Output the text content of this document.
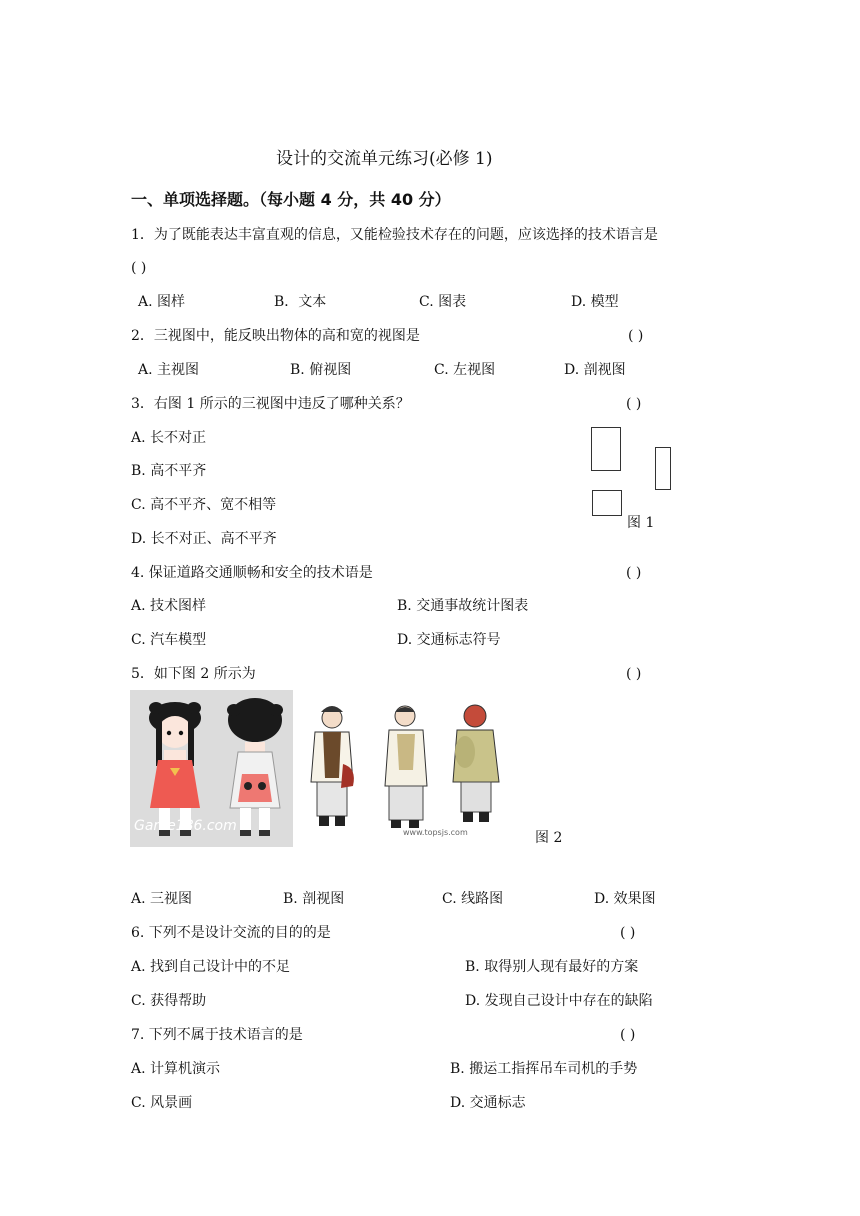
设计的交流单元练习(必修 1)
一、单项选择题。（每小题 4 分，共 40 分）
1．为了既能表达丰富直观的信息，又能检验技术存在的问题，应该选择的技术语言是
( )
A. 图样	B．文本	C. 图表	D. 模型
2．三视图中，能反映出物体的高和宽的视图是	( )
A. 主视图	B. 俯视图	C. 左视图	D. 剖视图
3．右图 1 所示的三视图中违反了哪种关系？	( )
A. 长不对正
B. 高不平齐
C. 高不平齐、宽不相等
D. 长不对正、高不平齐
图 1
4. 保证道路交通顺畅和安全的技术语是	( )
A. 技术图样	B. 交通事故统计图表
C. 汽车模型	D. 交通标志符号
5．如下图 2 所示为	( )
Game186.com	www.topsjs.com	图 2
A. 三视图	B. 剖视图	C. 线路图	D. 效果图
6. 下列不是设计交流的目的的是	( )
A. 找到自己设计中的不足	B. 取得别人现有最好的方案
C. 获得帮助	D. 发现自己设计中存在的缺陷
7. 下列不属于技术语言的是	( )
A. 计算机演示	B. 搬运工指挥吊车司机的手势
C. 风景画	D. 交通标志
